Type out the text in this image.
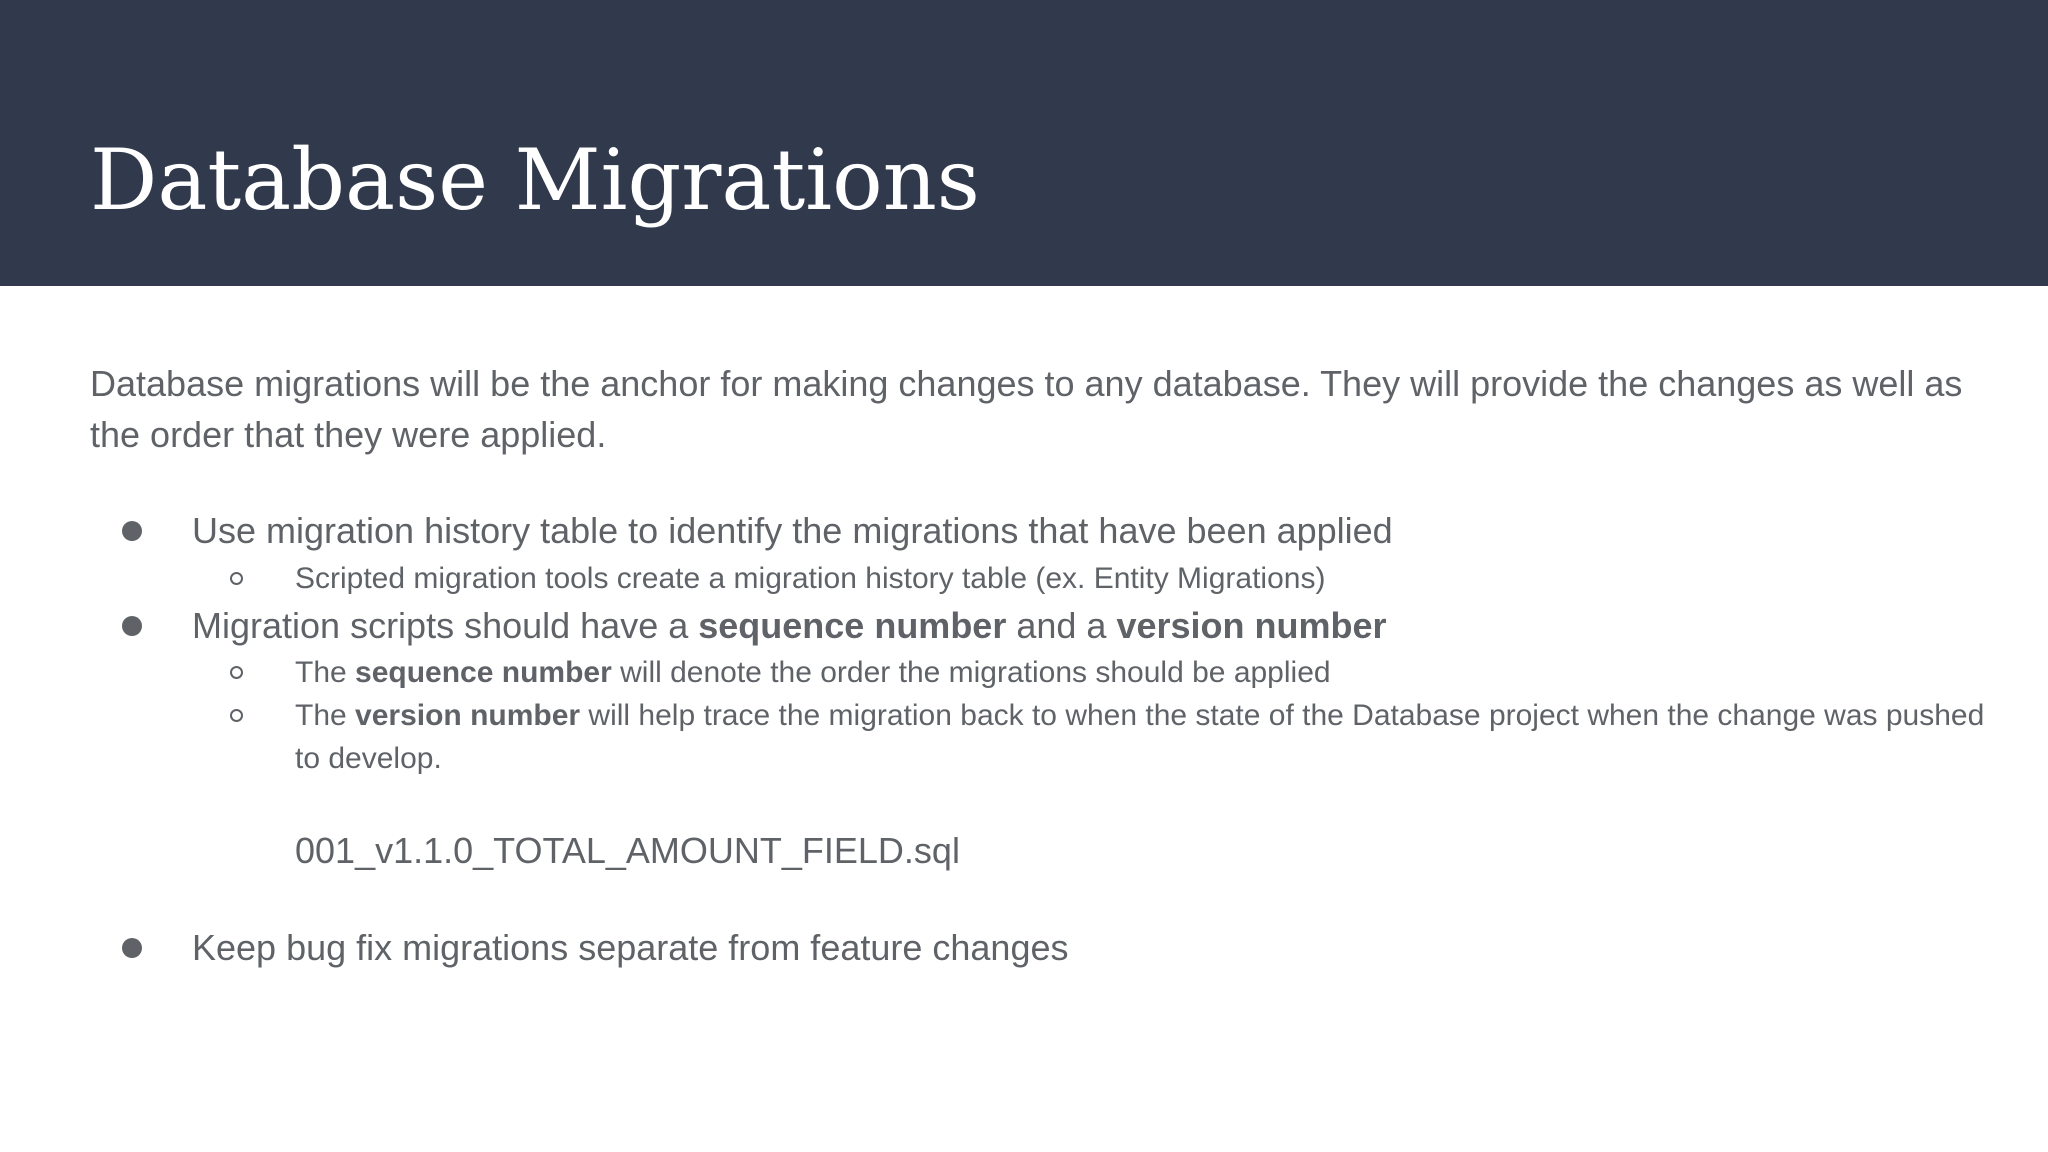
Database Migrations

Database migrations will be the anchor for making changes to any database. They will provide the changes as well as the order that they were applied.

Use migration history table to identify the migrations that have been applied
Scripted migration tools create a migration history table (ex. Entity Migrations)
Migration scripts should have a sequence number and a version number
The sequence number will denote the order the migrations should be applied
The version number will help trace the migration back to when the state of the Database project when the change was pushed to develop.
001_v1.1.0_TOTAL_AMOUNT_FIELD.sql
Keep bug fix migrations separate from feature changes
